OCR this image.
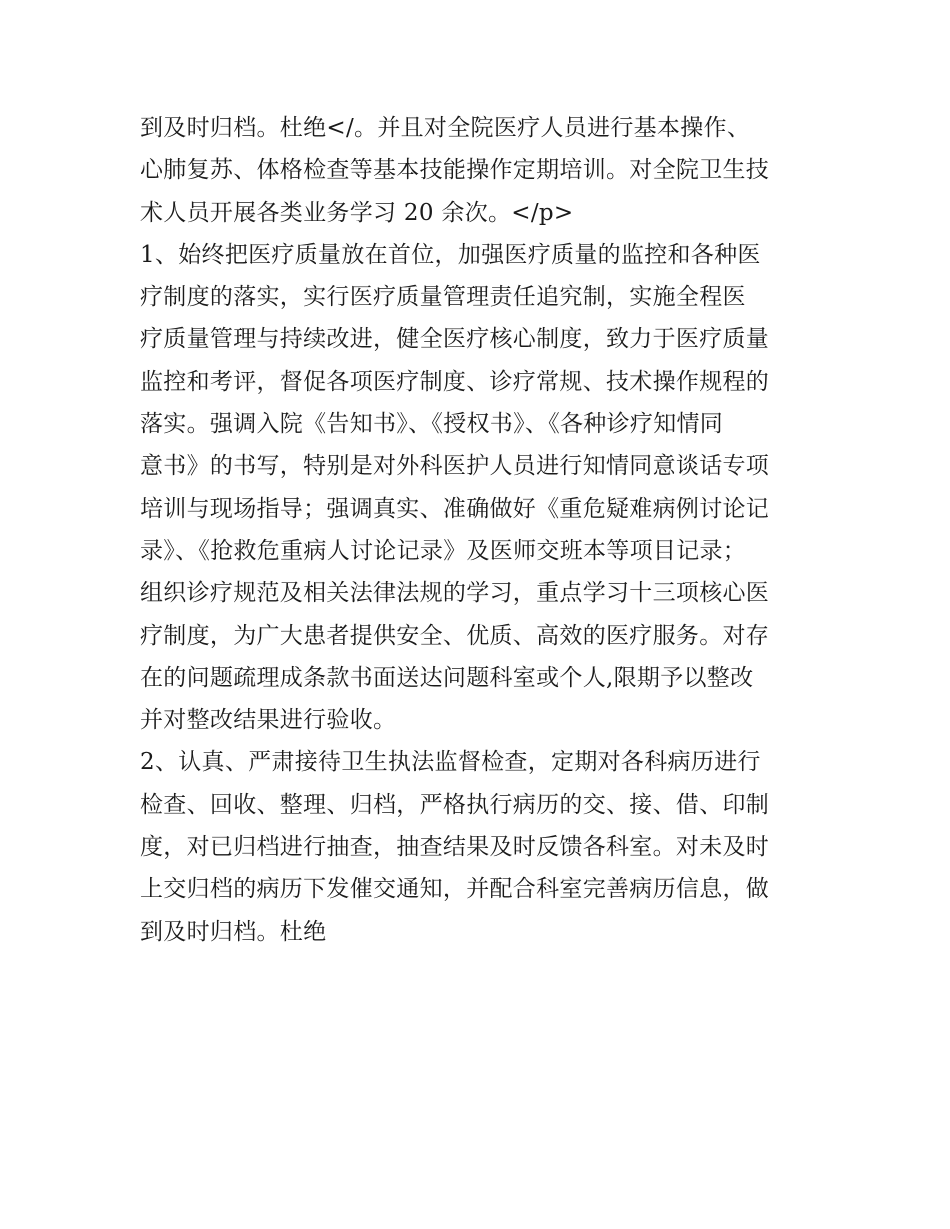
到及时归档。杜绝</。并且对全院医疗人员进行基本操作、
心肺复苏、体格检查等基本技能操作定期培训。对全院卫生技
术人员开展各类业务学习 20 余次。</p>
1、始终把医疗质量放在首位，加强医疗质量的监控和各种医
疗制度的落实，实行医疗质量管理责任追究制，实施全程医
疗质量管理与持续改进，健全医疗核心制度，致力于医疗质量
监控和考评，督促各项医疗制度、诊疗常规、技术操作规程的
落实。强调入院《告知书》、《授权书》、《各种诊疗知情同
意书》的书写，特别是对外科医护人员进行知情同意谈话专项
培训与现场指导；强调真实、准确做好《重危疑难病例讨论记
录》、《抢救危重病人讨论记录》及医师交班本等项目记录；
组织诊疗规范及相关法律法规的学习，重点学习十三项核心医
疗制度，为广大患者提供安全、优质、高效的医疗服务。对存
在的问题疏理成条款书面送达问题科室或个人,限期予以整改
并对整改结果进行验收。
2、认真、严肃接待卫生执法监督检查，定期对各科病历进行
检查、回收、整理、归档，严格执行病历的交、接、借、印制
度，对已归档进行抽查，抽查结果及时反馈各科室。对未及时
上交归档的病历下发催交通知，并配合科室完善病历信息，做
到及时归档。杜绝
